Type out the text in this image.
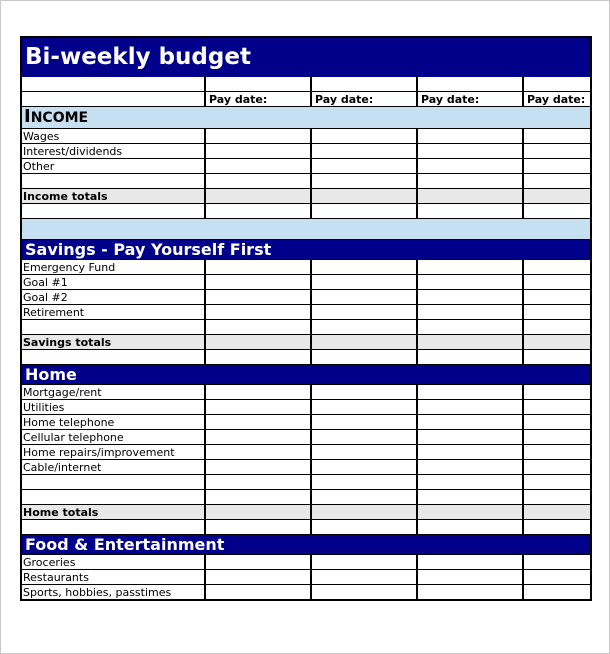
Bi-weekly budget				

	Pay date:	Pay date:	Pay date:	Pay date:
INCOME				
Wages				
Interest/dividends				
Other				

Income totals				

Savings - Pay Yourself First				
Emergency Fund				
Goal #1				
Goal #2				
Retirement				

Savings totals				

Home				
Mortgage/rent				
Utilities				
Home telephone				
Cellular telephone				
Home repairs/improvement				
Cable/internet				

Home totals				

Food & Entertainment				
Groceries				
Restaurants				
Sports, hobbies, passtimes				
